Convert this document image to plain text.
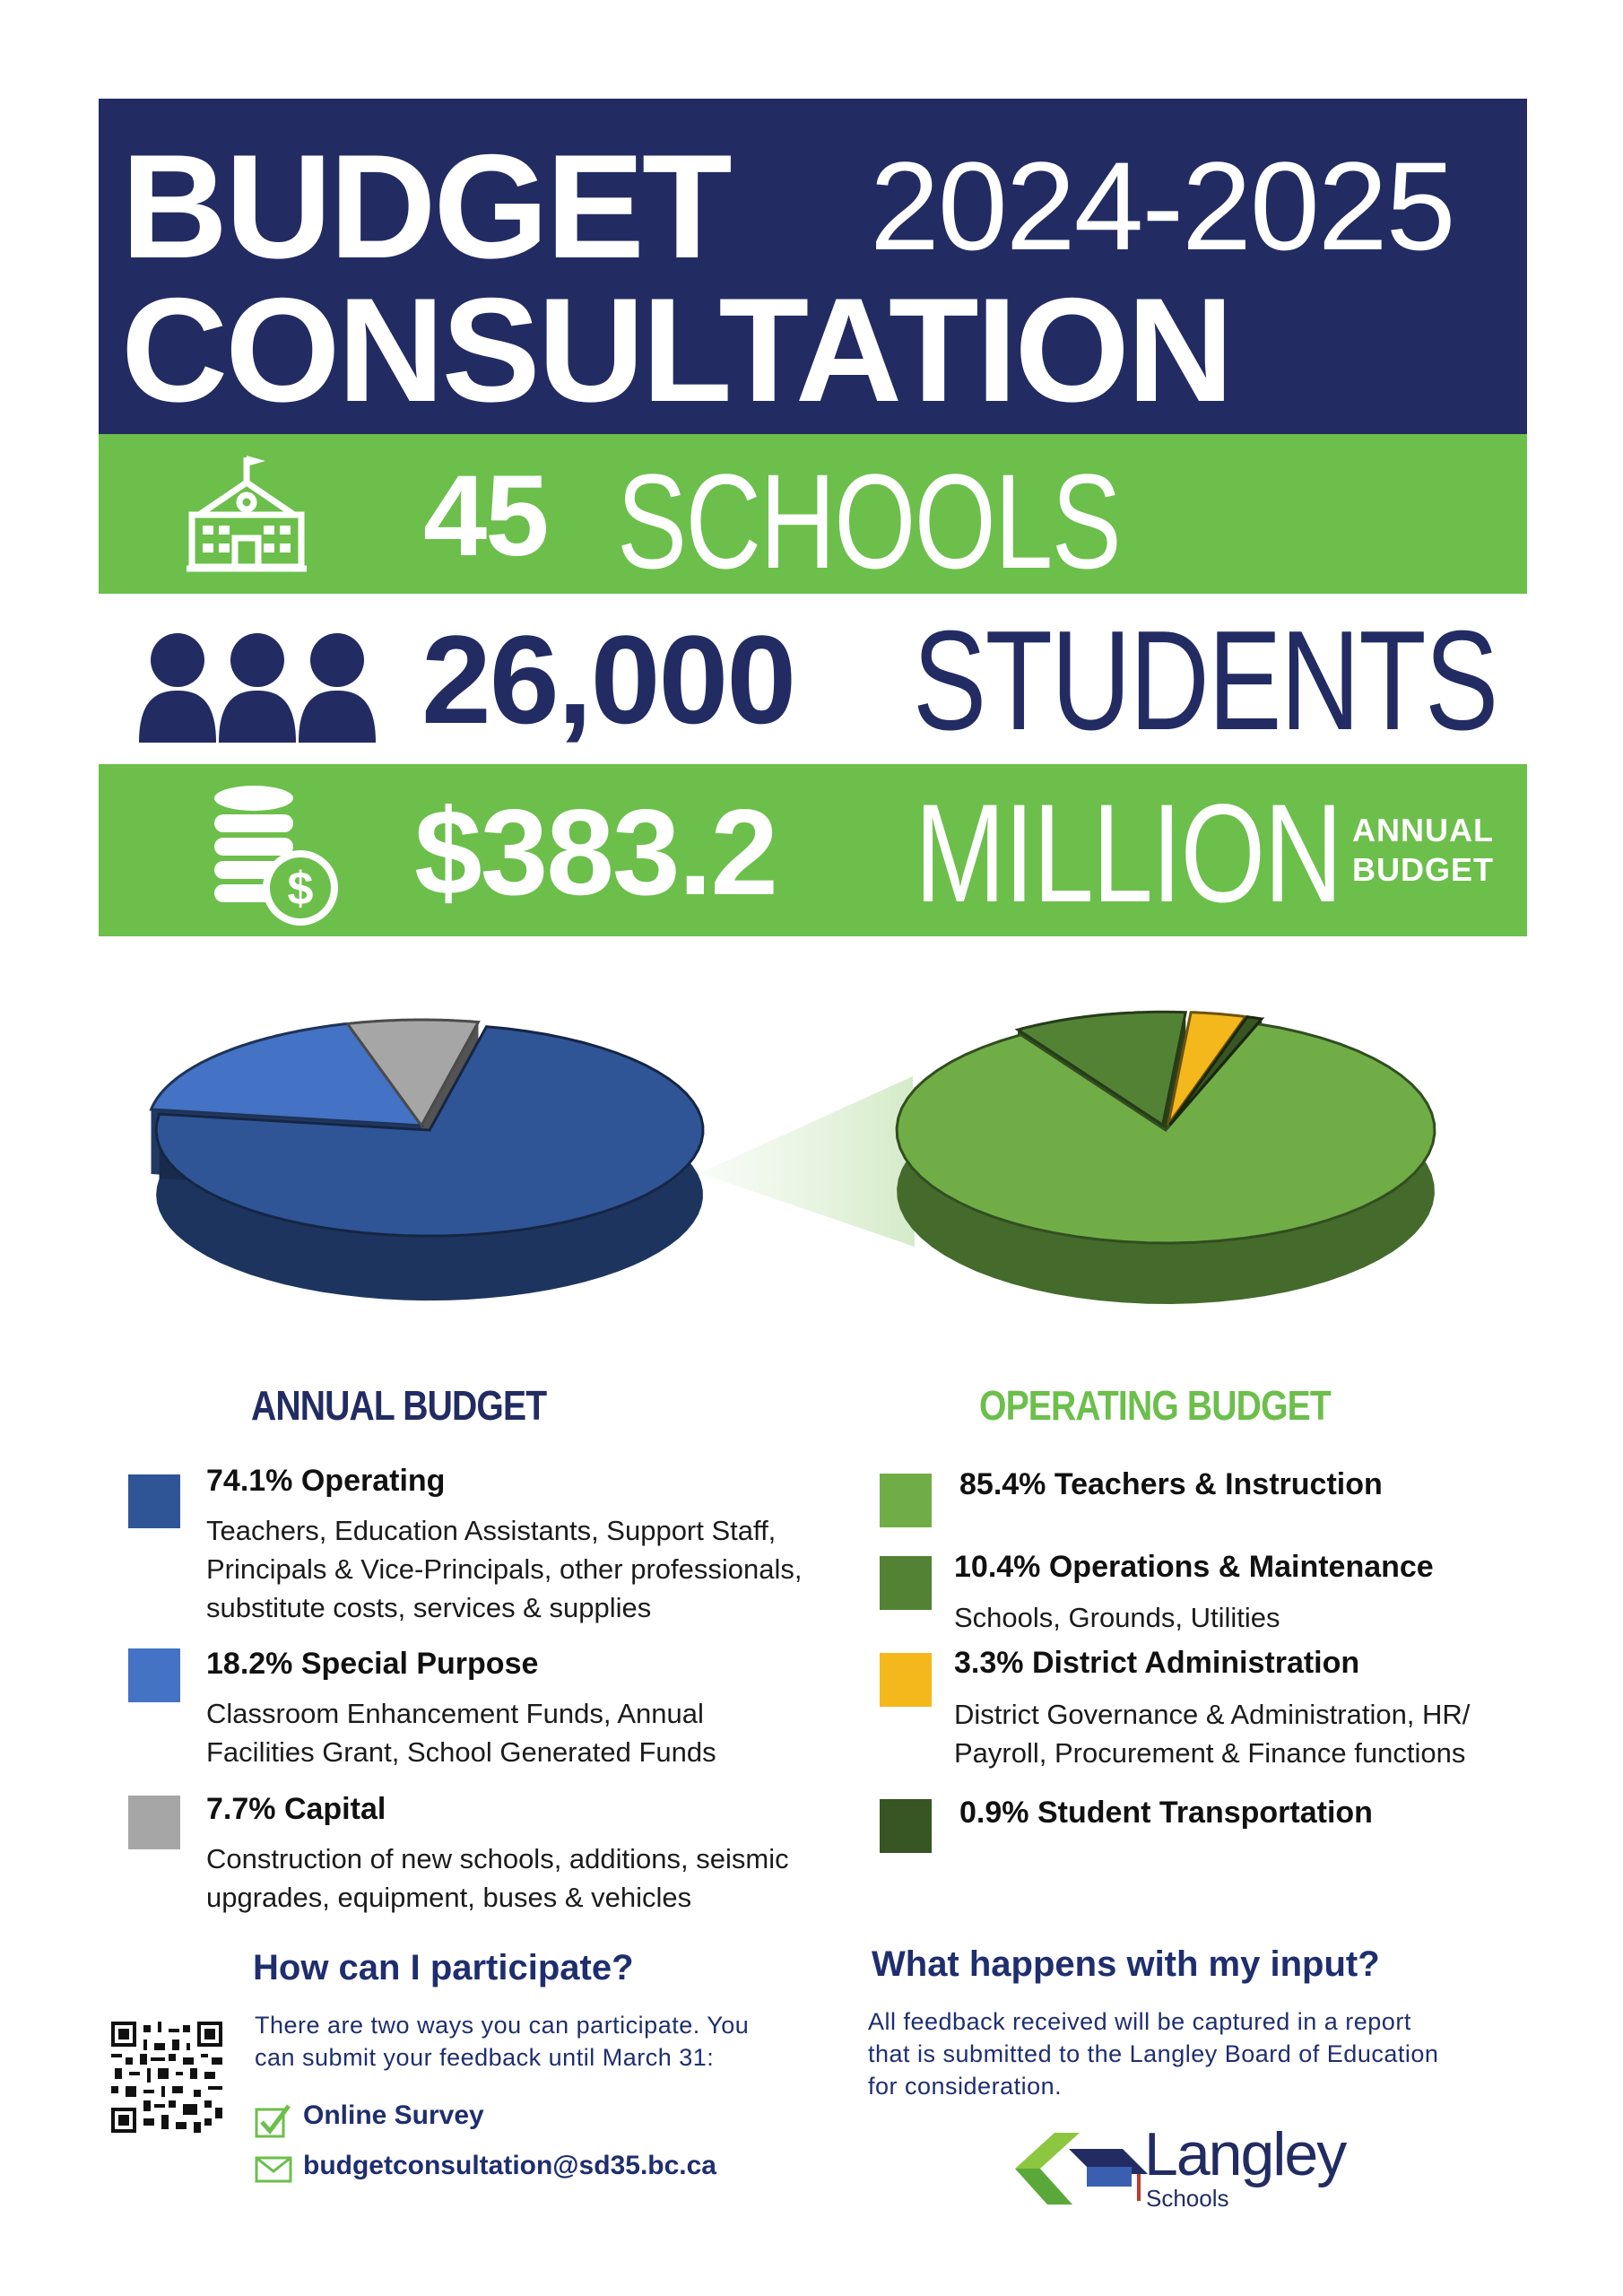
BUDGET
CONSULTATION
2024-2025
45 SCHOOLS
26,000 STUDENTS
$ $383.2 MILLION ANNUAL
BUDGET
ANNUAL BUDGET	OPERATING BUDGET
74.1% Operating
Teachers, Education Assistants, Support Staff,
Principals & Vice-Principals, other professionals,
substitute costs, services & supplies
18.2% Special Purpose
Classroom Enhancement Funds, Annual
Facilities Grant, School Generated Funds
7.7% Capital
Construction of new schools, additions, seismic
upgrades, equipment, buses & vehicles
85.4% Teachers & Instruction
10.4% Operations & Maintenance
Schools, Grounds, Utilities
3.3% District Administration
District Governance & Administration, HR/
Payroll, Procurement & Finance functions
0.9% Student Transportation
How can I participate?
There are two ways you can participate. You
can submit your feedback until March 31:
Online Survey
budgetconsultation@sd35.bc.ca
What happens with my input?
All feedback received will be captured in a report
that is submitted to the Langley Board of Education
for consideration.
Langley
Schools
